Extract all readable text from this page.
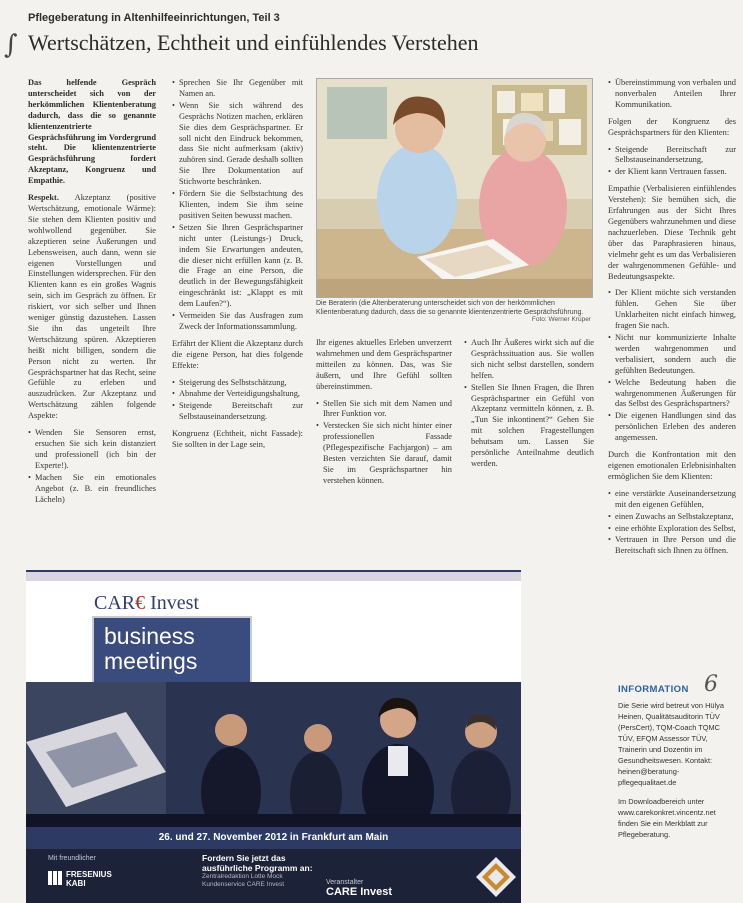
Pflegeberatung in Altenhilfeeinrichtungen, Teil 3
∫ Wertschätzen, Echtheit und einfühlendes Verstehen

Das helfende Gespräch unterscheidet sich von der herkömmlichen Klientenberatung dadurch, dass die so genannte klientenzentrierte Gesprächsführung im Vordergrund steht. Die klientenzentrierte Gesprächsführung fordert Akzeptanz, Kongruenz und Empathie.

Respekt. Akzeptanz (positive Wertschätzung, emotionale Wärme): Sie stehen dem Klienten positiv und wohlwollend gegenüber. Sie akzeptieren seine Äußerungen und Lebensweisen, auch dann, wenn sie eigenen Vorstellungen und Einstellungen widersprechen. Für den Klienten kann es ein großes Wagnis sein, sich im Gespräch zu öffnen. Er riskiert, vor sich selber und Ihnen weniger günstig dazustehen. Lassen Sie ihn das ungeteilt Ihre Wertschätzung spüren. Akzeptieren heißt nicht billigen, sondern die Person nicht zu werten. Ihr Gesprächspartner hat das Recht, seine Gefühle zu erleben und auszudrücken. Zur Akzeptanz und Wertschätzung zählen folgende Aspekte:

• Wenden Sie Sensoren ernst, ersuchen Sie sich kein distanziert und professionell (ich bin der Experte!).
• Machen Sie ein emotionales Angebot (z. B. ein freundliches Lächeln)
• Sprechen Sie Ihr Gegenüber mit Namen an.
• Wenn Sie sich während des Gesprächs Notizen machen, erklären Sie dies dem Gesprächspartner. Er soll nicht den Eindruck bekommen, dass Sie nicht aufmerksam (aktiv) zuhören sind. Gerade deshalb sollten Sie Ihre Dokumentation auf Stichworte beschränken.
• Fördern Sie die Selbstachtung des Klienten, indem Sie ihm seine positiven Seiten bewusst machen.
• Setzen Sie Ihren Gesprächspartner nicht unter (Leistungs-) Druck, indem Sie Erwartungen andeuten, die dieser nicht erfüllen kann (z. B. die Frage an eine Person, die deutlich in der Bewegungsfähigkeit eingeschränkt ist: „Klappt es mit dem Laufen?“).
• Vermeiden Sie das Ausfragen zum Zweck der Informationssammlung.

Erfährt der Klient die Akzeptanz durch die eigene Person, hat dies folgende Effekte:

• Steigerung des Selbstschätzung,
• Abnahme der Verteidigungshaltung,
• Steigende Bereitschaft zur Selbstauseinandersetzung.

Kongruenz (Echtheit, nicht Fassade): Sie sollten in der Lage sein,

Die Beraterin (die Altenberaterung unterscheidet sich von der herkömmlichen Klientenberatung dadurch, dass die so genannte klientenzentrierte Gesprächsführung.
Foto: Werner Krüper

Ihr eigenes aktuelles Erleben unverzerrt wahrnehmen und dem Gesprächspartner mitteilen zu können. Das, was Sie äußern, und Ihre Gefühl sollten übereinstimmen.

• Stellen Sie sich mit dem Namen und Ihrer Funktion vor.
• Verstecken Sie sich nicht hinter einer professionellen Fassade (Pflegespezifische Fachjargon) – am Besten verzichten Sie darauf, damit Sie im Gesprächspartner hin verstehen können.
• Auch Ihr Äußeres wirkt sich auf die Gesprächssituation aus. Sie wollen sich nicht selbst darstellen, sondern helfen.
• Stellen Sie Ihnen Fragen, die Ihren Gesprächspartner ein Gefühl von Akzeptanz vermitteln können, z. B. „Tun Sie inkontinent?“ Gehen Sie mit solchen Fragestellungen behutsam um. Lassen Sie persönliche Anteilnahme deutlich werden.
• Übereinstimmung von verbalen und nonverbalen Anteilen Ihrer Kommunikation.

Folgen der Kongruenz des Gesprächspartners für den Klienten:

• Steigende Bereitschaft zur Selbstauseinandersetzung,
• der Klient kann Vertrauen fassen.

Empathie (Verbalisieren einfühlendes Verstehen): Sie bemühen sich, die Erfahrungen aus der Sicht Ihres Gegenübers wahrzunehmen und diese nachzuerleben. Diese Technik geht über das Paraphrasieren hinaus, vielmehr geht es um das Verbalisieren der wahrgenommenen Gefühle- und Bedeutungsaspekte.

• Der Klient möchte sich verstanden fühlen. Gehen Sie über Unklarheiten nicht einfach hinweg, fragen Sie nach.
• Nicht nur kommunizierte Inhalte werden wahrgenommen und verbalisiert, sondern auch die gefühlten Bedeutungen.
• Welche Bedeutung haben die wahrgenommenen Äußerungen für das Selbst des Gesprächspartners?
• Die eigenen Handlungen sind das persönlichen Erleben des anderen angemessen.

Durch die Konfrontation mit den eigenen emotionalen Erlebnisinhalten ermöglichen Sie dem Klienten:

• eine verstärkte Auseinandersetzung mit den eigenen Gefühlen,
• einen Zuwachs an Selbstakzeptanz,
• eine erhöhte Exploration des Selbst,
• Vertrauen in Ihre Person und die Bereitschaft sich Ihnen zu öffnen.
6
INFORMATION

Die Serie wird betreut von Hülya Heinen, Qualitätsauditorin TÜV (PersCert), TQM-Coach TQMC TÜV, EFQM Assessor TÜV, Trainerin und Dozentin im Gesundheitswesen. Kontakt: heinen@beratung-pflegequalitaet.de

Im Downloadbereich unter www.carekonkret.vincentz.net finden Sie ein Merkblatt zur Pflegeberatung.

CAR€ Invest
business
meetings
26. und 27. November 2012 in Frankfurt am Main
Mit freundlicher
FRESENIUS
KABI
Fordern Sie jetzt das
ausführliche Programm an:
Zentralredaktion Lotte Mock
Kundenservice CARE Invest	Veranstalter
CARE Invest
